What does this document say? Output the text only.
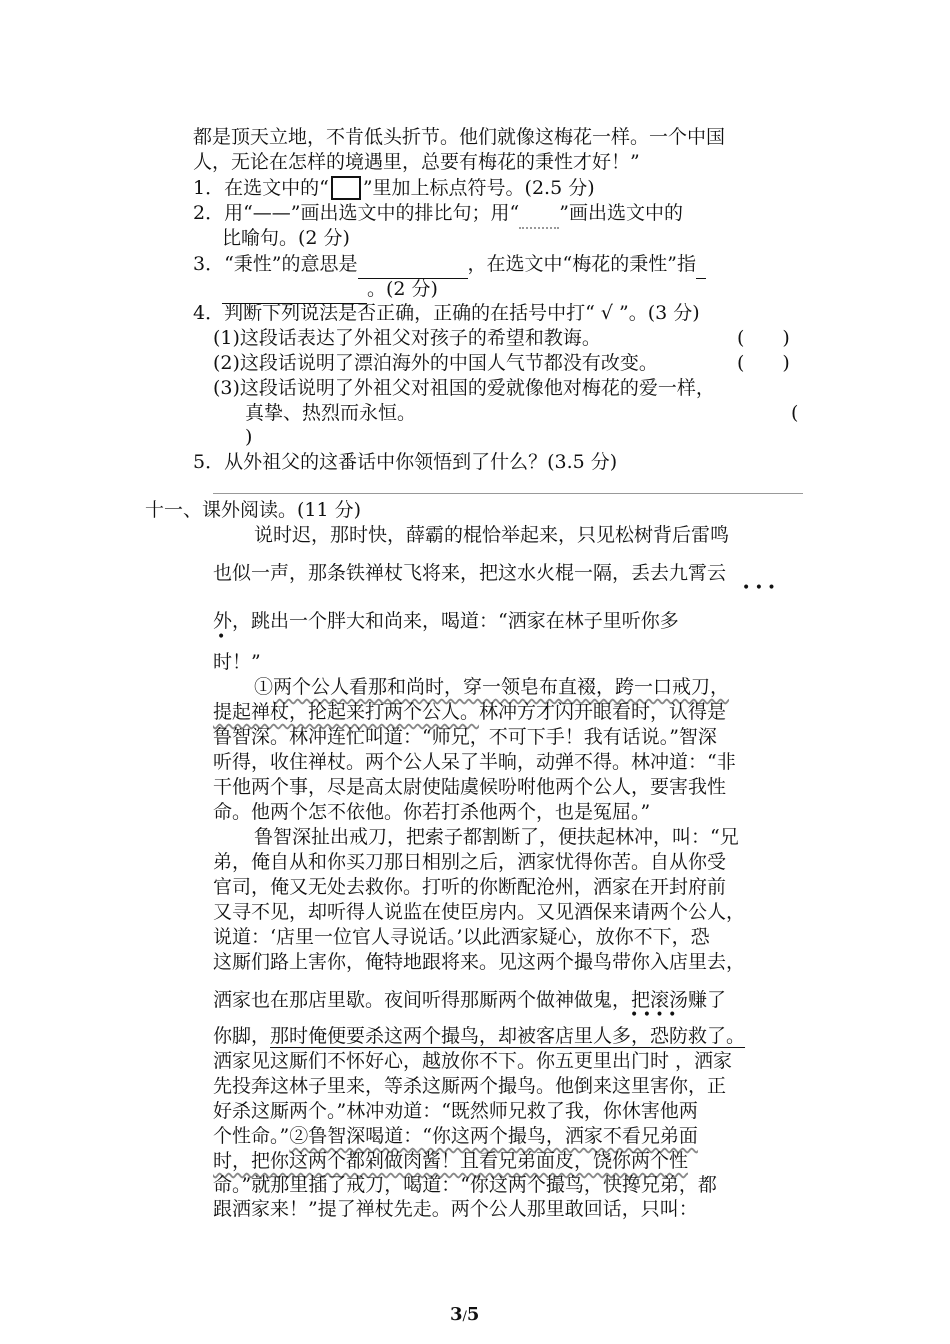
都是顶天立地，不肯低头折节。他们就像这梅花一样。一个中国
人，无论在怎样的境遇里，总要有梅花的秉性才好！”
1．在选文中的“ ”里加上标点符号。(2.5 分)
2．用“——”画出选文中的排比句；用“ ”画出选文中的
比喻句。(2 分)
3．“秉性”的意思是	，在选文中“梅花的秉性”指
。(2 分)
4．判断下列说法是否正确，正确的在括号中打“ √ ”。(3 分)
(1)这段话表达了外祖父对孩子的希望和教诲。	(　　)
(2)这段话说明了漂泊海外的中国人气节都没有改变。	(　　)
(3)这段话说明了外祖父对祖国的爱就像他对梅花的爱一样，
真挚、热烈而永恒。	(
)
5．从外祖父的这番话中你领悟到了什么？(3.5 分)
十一、课外阅读。(11 分)
说时迟，那时快，薛霸的棍恰举起来，只见松树背后雷鸣
也似一声，那条铁禅杖飞将来，把这水火棍一隔，丢去九霄云
• • •
外，跳出一个胖大和尚来，喝道：“洒家在林子里听你多
•
时！”
①两个公人看那和尚时，穿一领皂布直裰，跨一口戒刀，
提起禅杖，抡起来打两个公人。林冲方才闪开眼看时，认得是
鲁智深。林冲连忙叫道：“师兄，不可下手！我有话说。”智深
听得，收住禅杖。两个公人呆了半晌，动弹不得。林冲道：“非
干他两个事，尽是高太尉使陆虞候吩咐他两个公人，要害我性
命。他两个怎不依他。你若打杀他两个，也是冤屈。”
鲁智深扯出戒刀，把索子都割断了，便扶起林冲，叫：“兄
弟，俺自从和你买刀那日相别之后，洒家忧得你苦。自从你受
官司，俺又无处去救你。打听的你断配沧州，洒家在开封府前
又寻不见，却听得人说监在使臣房内。又见酒保来请两个公人，
说道：‘店里一位官人寻说话。’以此洒家疑心，放你不下，恐
这厮们路上害你，俺特地跟将来。见这两个撮鸟带你入店里去，
洒家也在那店里歇。夜间听得那厮两个做神做鬼，把滚汤赚了
• • • •
你脚，那时俺便要杀这两个撮鸟，却被客店里人多，恐防救了。
洒家见这厮们不怀好心，越放你不下。你五更里出门时 ，洒家
先投奔这林子里来，等杀这厮两个撮鸟。他倒来这里害你，正
好杀这厮两个。”林冲劝道：“既然师兄救了我，你休害他两
个性命。”②鲁智深喝道：“你这两个撮鸟，洒家不看兄弟面
时，把你这两个都剁做肉酱！且看兄弟面皮，饶你两个性
命。”就那里插了戒刀，喝道：“你这两个撮鸟，快搀兄弟，都
跟洒家来！”提了禅杖先走。两个公人那里敢回话，只叫：
3/5
